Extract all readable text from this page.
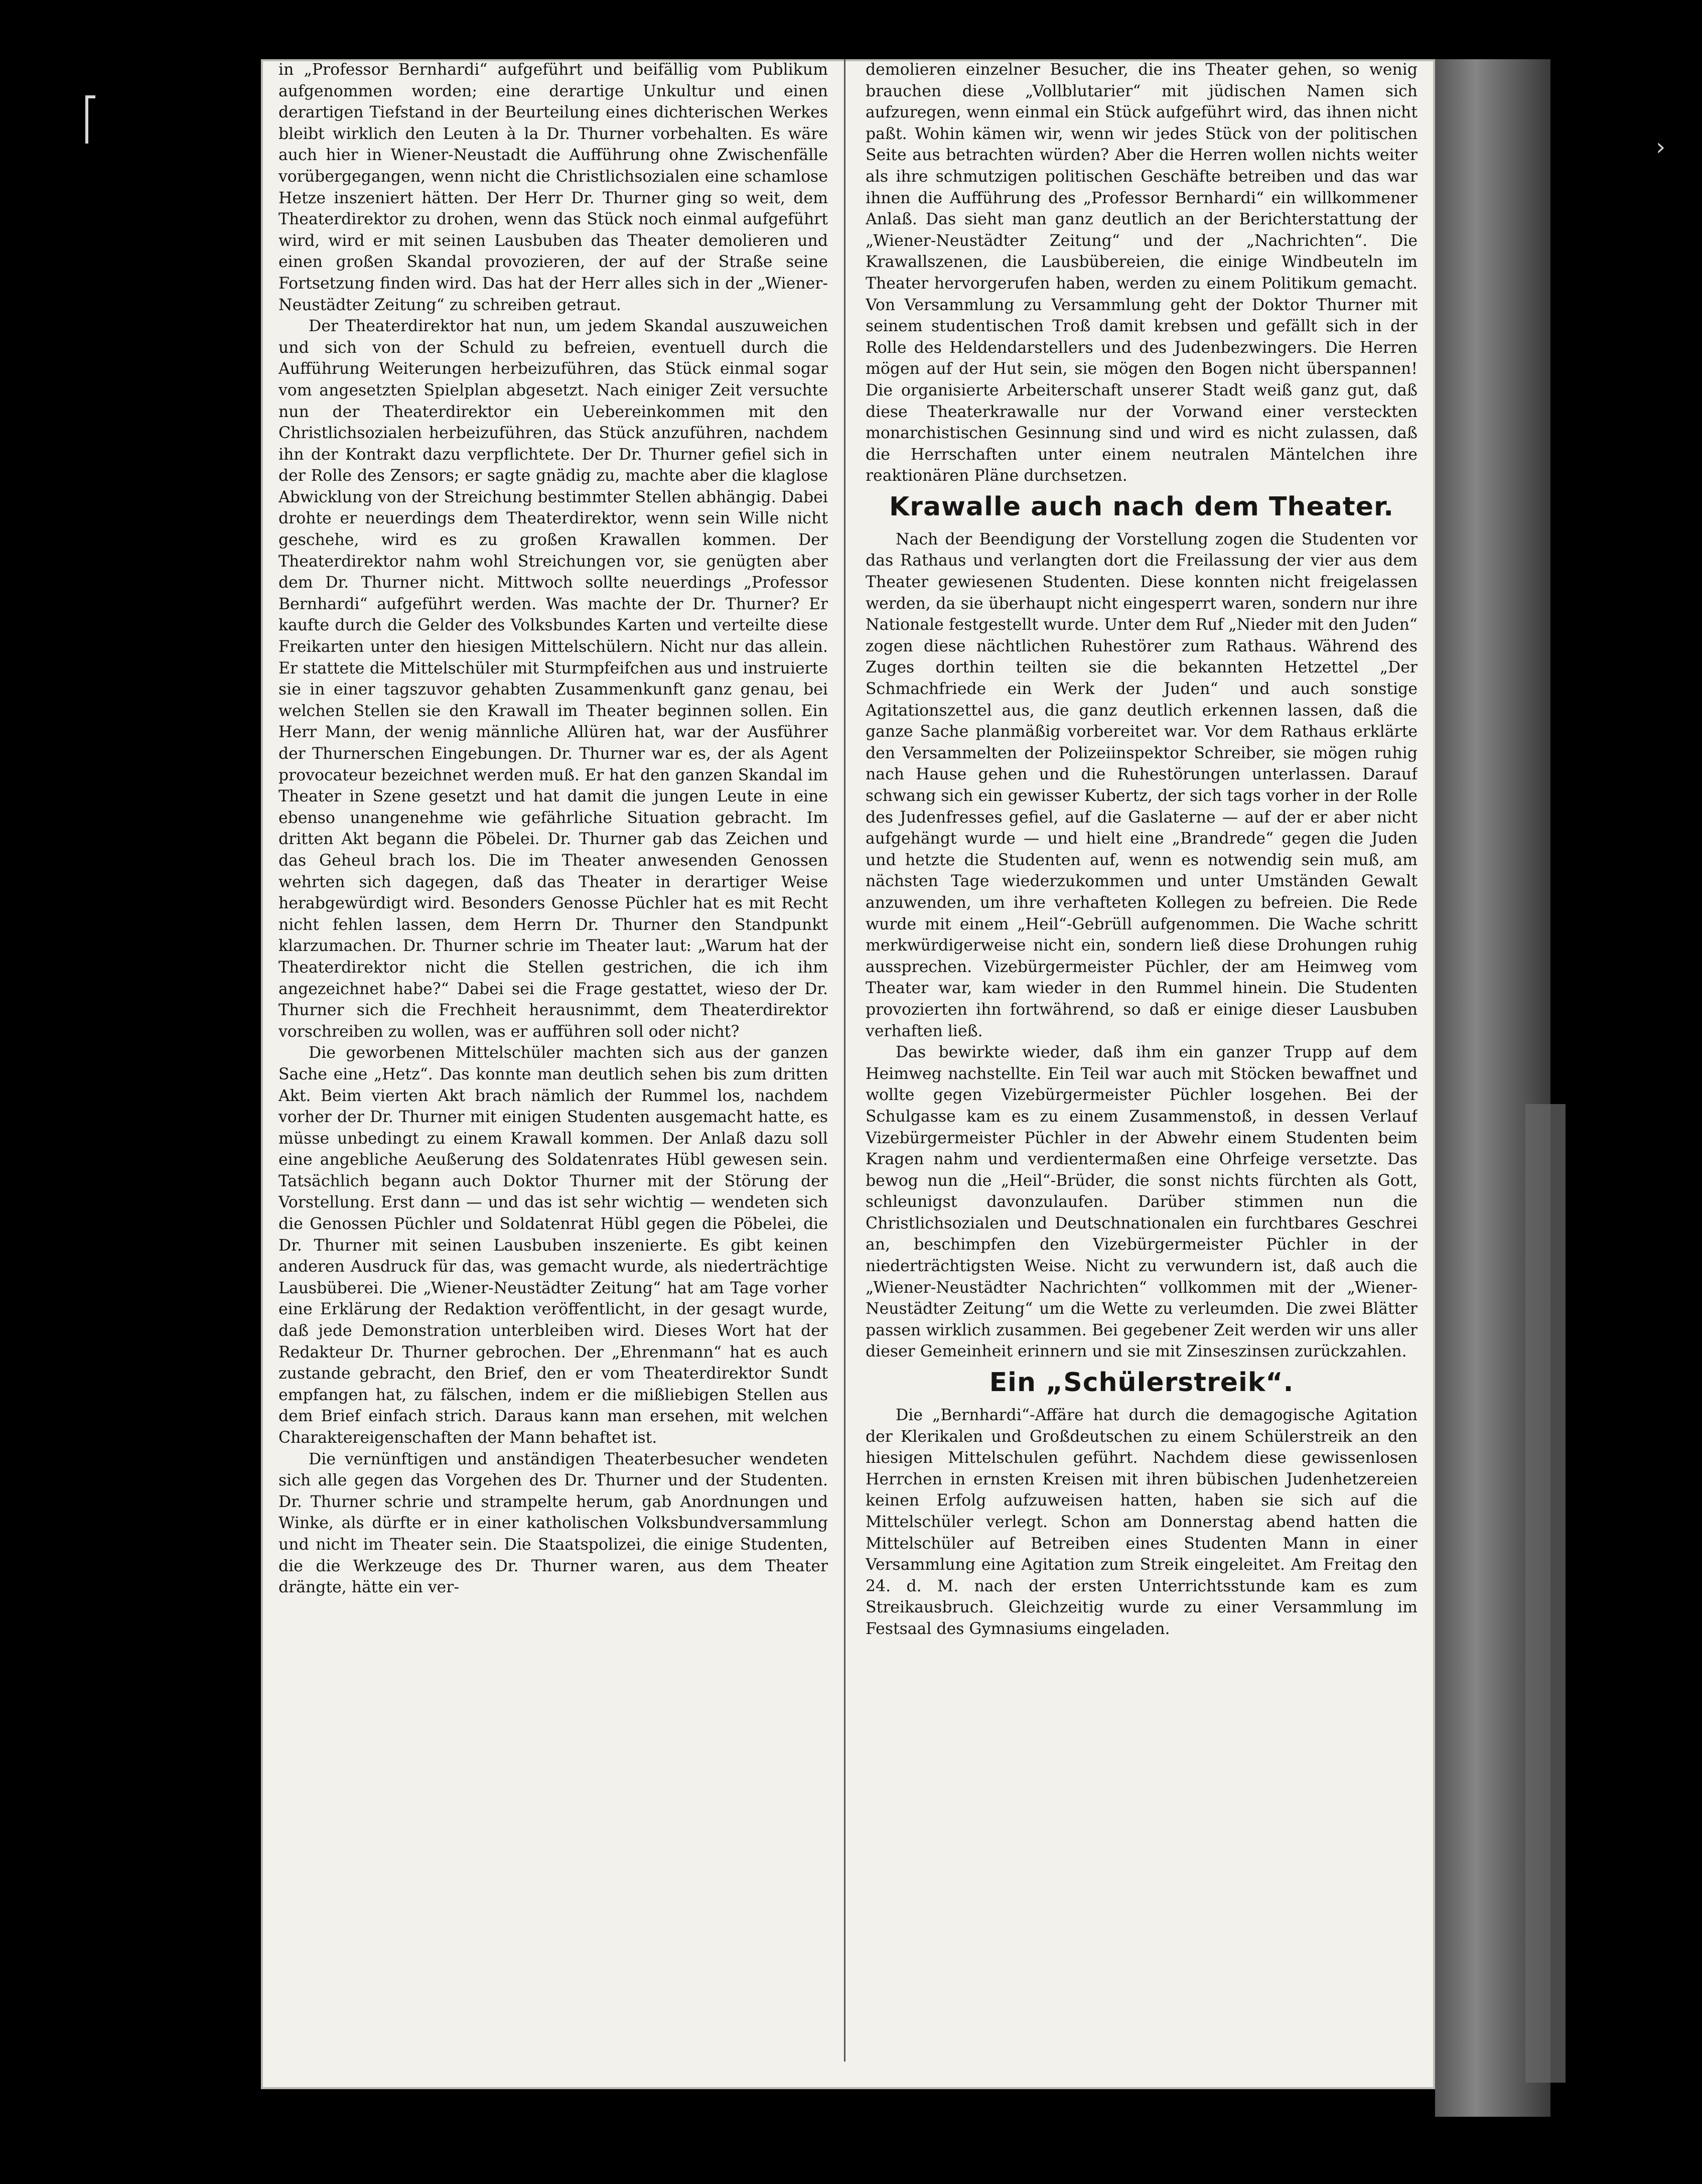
›

in „Professor Bernhardi“ aufgeführt und beifällig vom Publikum aufgenommen worden; eine derartige Unkultur und einen derartigen Tiefstand in der Beurteilung eines dichterischen Werkes bleibt wirklich den Leuten à la Dr. Thurner vorbehalten. Es wäre auch hier in Wiener-Neustadt die Aufführung ohne Zwischenfälle vorübergegangen, wenn nicht die Christlichsozialen eine schamlose Hetze inszeniert hätten. Der Herr Dr. Thurner ging so weit, dem Theaterdirektor zu drohen, wenn das Stück noch einmal aufgeführt wird, wird er mit seinen Lausbuben das Theater demolieren und einen großen Skandal provozieren, der auf der Straße seine Fortsetzung finden wird. Das hat der Herr alles sich in der „Wiener-Neustädter Zeitung“ zu schreiben getraut.

Der Theaterdirektor hat nun, um jedem Skandal auszuweichen und sich von der Schuld zu befreien, eventuell durch die Aufführung Weiterungen herbeizuführen, das Stück einmal sogar vom angesetzten Spielplan abgesetzt. Nach einiger Zeit versuchte nun der Theaterdirektor ein Uebereinkommen mit den Christlichsozialen herbeizuführen, das Stück anzuführen, nachdem ihn der Kontrakt dazu verpflichtete. Der Dr. Thurner gefiel sich in der Rolle des Zensors; er sagte gnädig zu, machte aber die klaglose Abwicklung von der Streichung bestimmter Stellen abhängig. Dabei drohte er neuerdings dem Theaterdirektor, wenn sein Wille nicht geschehe, wird es zu großen Krawallen kommen. Der Theaterdirektor nahm wohl Streichungen vor, sie genügten aber dem Dr. Thurner nicht. Mittwoch sollte neuerdings „Professor Bernhardi“ aufgeführt werden. Was machte der Dr. Thurner? Er kaufte durch die Gelder des Volksbundes Karten und verteilte diese Freikarten unter den hiesigen Mittelschülern. Nicht nur das allein. Er stattete die Mittelschüler mit Sturmpfeifchen aus und instruierte sie in einer tagszuvor gehabten Zusammenkunft ganz genau, bei welchen Stellen sie den Krawall im Theater beginnen sollen. Ein Herr Mann, der wenig männliche Allüren hat, war der Ausführer der Thurnerschen Eingebungen. Dr. Thurner war es, der als Agent provocateur bezeichnet werden muß. Er hat den ganzen Skandal im Theater in Szene gesetzt und hat damit die jungen Leute in eine ebenso unangenehme wie gefährliche Situation gebracht. Im dritten Akt begann die Pöbelei. Dr. Thurner gab das Zeichen und das Geheul brach los. Die im Theater anwesenden Genossen wehrten sich dagegen, daß das Theater in derartiger Weise herabgewürdigt wird. Besonders Genosse Püchler hat es mit Recht nicht fehlen lassen, dem Herrn Dr. Thurner den Standpunkt klarzumachen. Dr. Thurner schrie im Theater laut: „Warum hat der Theaterdirektor nicht die Stellen gestrichen, die ich ihm angezeichnet habe?“ Dabei sei die Frage gestattet, wieso der Dr. Thurner sich die Frechheit herausnimmt, dem Theaterdirektor vorschreiben zu wollen, was er aufführen soll oder nicht?

Die geworbenen Mittelschüler machten sich aus der ganzen Sache eine „Hetz“. Das konnte man deutlich sehen bis zum dritten Akt. Beim vierten Akt brach nämlich der Rummel los, nachdem vorher der Dr. Thurner mit einigen Studenten ausgemacht hatte, es müsse unbedingt zu einem Krawall kommen. Der Anlaß dazu soll eine angebliche Aeußerung des Soldatenrates Hübl gewesen sein. Tatsächlich begann auch Doktor Thurner mit der Störung der Vorstellung. Erst dann — und das ist sehr wichtig — wendeten sich die Genossen Püchler und Soldatenrat Hübl gegen die Pöbelei, die Dr. Thurner mit seinen Lausbuben inszenierte. Es gibt keinen anderen Ausdruck für das, was gemacht wurde, als niederträchtige Lausbüberei. Die „Wiener-Neustädter Zeitung“ hat am Tage vorher eine Erklärung der Redaktion veröffentlicht, in der gesagt wurde, daß jede Demonstration unterbleiben wird. Dieses Wort hat der Redakteur Dr. Thurner gebrochen. Der „Ehrenmann“ hat es auch zustande gebracht, den Brief, den er vom Theaterdirektor Sundt empfangen hat, zu fälschen, indem er die mißliebigen Stellen aus dem Brief einfach strich. Daraus kann man ersehen, mit welchen Charaktereigenschaften der Mann behaftet ist.

Die vernünftigen und anständigen Theaterbesucher wendeten sich alle gegen das Vorgehen des Dr. Thurner und der Studenten. Dr. Thurner schrie und strampelte herum, gab Anordnungen und Winke, als dürfte er in einer katholischen Volksbundversammlung und nicht im Theater sein. Die Staatspolizei, die einige Studenten, die die Werkzeuge des Dr. Thurner waren, aus dem Theater drängte, hätte ein ver-

demolieren einzelner Besucher, die ins Theater gehen, so wenig brauchen diese „Vollblutarier“ mit jüdischen Namen sich aufzuregen, wenn einmal ein Stück aufgeführt wird, das ihnen nicht paßt. Wohin kämen wir, wenn wir jedes Stück von der politischen Seite aus betrachten würden? Aber die Herren wollen nichts weiter als ihre schmutzigen politischen Geschäfte betreiben und das war ihnen die Aufführung des „Professor Bernhardi“ ein willkommener Anlaß. Das sieht man ganz deutlich an der Berichterstattung der „Wiener-Neustädter Zeitung“ und der „Nachrichten“. Die Krawallszenen, die Lausbübereien, die einige Windbeuteln im Theater hervorgerufen haben, werden zu einem Politikum gemacht. Von Versammlung zu Versammlung geht der Doktor Thurner mit seinem studentischen Troß damit krebsen und gefällt sich in der Rolle des Heldendarstellers und des Judenbezwingers. Die Herren mögen auf der Hut sein, sie mögen den Bogen nicht überspannen! Die organisierte Arbeiterschaft unserer Stadt weiß ganz gut, daß diese Theaterkrawalle nur der Vorwand einer versteckten monarchistischen Gesinnung sind und wird es nicht zulassen, daß die Herrschaften unter einem neutralen Mäntelchen ihre reaktionären Pläne durchsetzen.

Krawalle auch nach dem Theater.

Nach der Beendigung der Vorstellung zogen die Studenten vor das Rathaus und verlangten dort die Freilassung der vier aus dem Theater gewiesenen Studenten. Diese konnten nicht freigelassen werden, da sie überhaupt nicht eingesperrt waren, sondern nur ihre Nationale festgestellt wurde. Unter dem Ruf „Nieder mit den Juden“ zogen diese nächtlichen Ruhestörer zum Rathaus. Während des Zuges dorthin teilten sie die bekannten Hetzettel „Der Schmachfriede ein Werk der Juden“ und auch sonstige Agitationszettel aus, die ganz deutlich erkennen lassen, daß die ganze Sache planmäßig vorbereitet war. Vor dem Rathaus erklärte den Versammelten der Polizeiinspektor Schreiber, sie mögen ruhig nach Hause gehen und die Ruhestörungen unterlassen. Darauf schwang sich ein gewisser Kubertz, der sich tags vorher in der Rolle des Judenfresses gefiel, auf die Gaslaterne — auf der er aber nicht aufgehängt wurde — und hielt eine „Brandrede“ gegen die Juden und hetzte die Studenten auf, wenn es notwendig sein muß, am nächsten Tage wiederzukommen und unter Umständen Gewalt anzuwenden, um ihre verhafteten Kollegen zu befreien. Die Rede wurde mit einem „Heil“-Gebrüll aufgenommen. Die Wache schritt merkwürdigerweise nicht ein, sondern ließ diese Drohungen ruhig aussprechen. Vizebürgermeister Püchler, der am Heimweg vom Theater war, kam wieder in den Rummel hinein. Die Studenten provozierten ihn fortwährend, so daß er einige dieser Lausbuben verhaften ließ.

Das bewirkte wieder, daß ihm ein ganzer Trupp auf dem Heimweg nachstellte. Ein Teil war auch mit Stöcken bewaffnet und wollte gegen Vizebürgermeister Püchler losgehen. Bei der Schulgasse kam es zu einem Zusammenstoß, in dessen Verlauf Vizebürgermeister Püchler in der Abwehr einem Studenten beim Kragen nahm und verdientermaßen eine Ohrfeige versetzte. Das bewog nun die „Heil“-Brüder, die sonst nichts fürchten als Gott, schleunigst davonzulaufen. Darüber stimmen nun die Christlichsozialen und Deutschnationalen ein furchtbares Geschrei an, beschimpfen den Vizebürgermeister Püchler in der niederträchtigsten Weise. Nicht zu verwundern ist, daß auch die „Wiener-Neustädter Nachrichten“ vollkommen mit der „Wiener-Neustädter Zeitung“ um die Wette zu verleumden. Die zwei Blätter passen wirklich zusammen. Bei gegebener Zeit werden wir uns aller dieser Gemeinheit erinnern und sie mit Zinseszinsen zurückzahlen.

Ein „Schülerstreik“.

Die „Bernhardi“-Affäre hat durch die demagogische Agitation der Klerikalen und Großdeutschen zu einem Schülerstreik an den hiesigen Mittelschulen geführt. Nachdem diese gewissenlosen Herrchen in ernsten Kreisen mit ihren bübischen Judenhetzereien keinen Erfolg aufzuweisen hatten, haben sie sich auf die Mittelschüler verlegt. Schon am Donnerstag abend hatten die Mittelschüler auf Betreiben eines Studenten Mann in einer Versammlung eine Agitation zum Streik eingeleitet. Am Freitag den 24. d. M. nach der ersten Unterrichtsstunde kam es zum Streikausbruch. Gleichzeitig wurde zu einer Versammlung im Festsaal des Gymnasiums eingeladen.
